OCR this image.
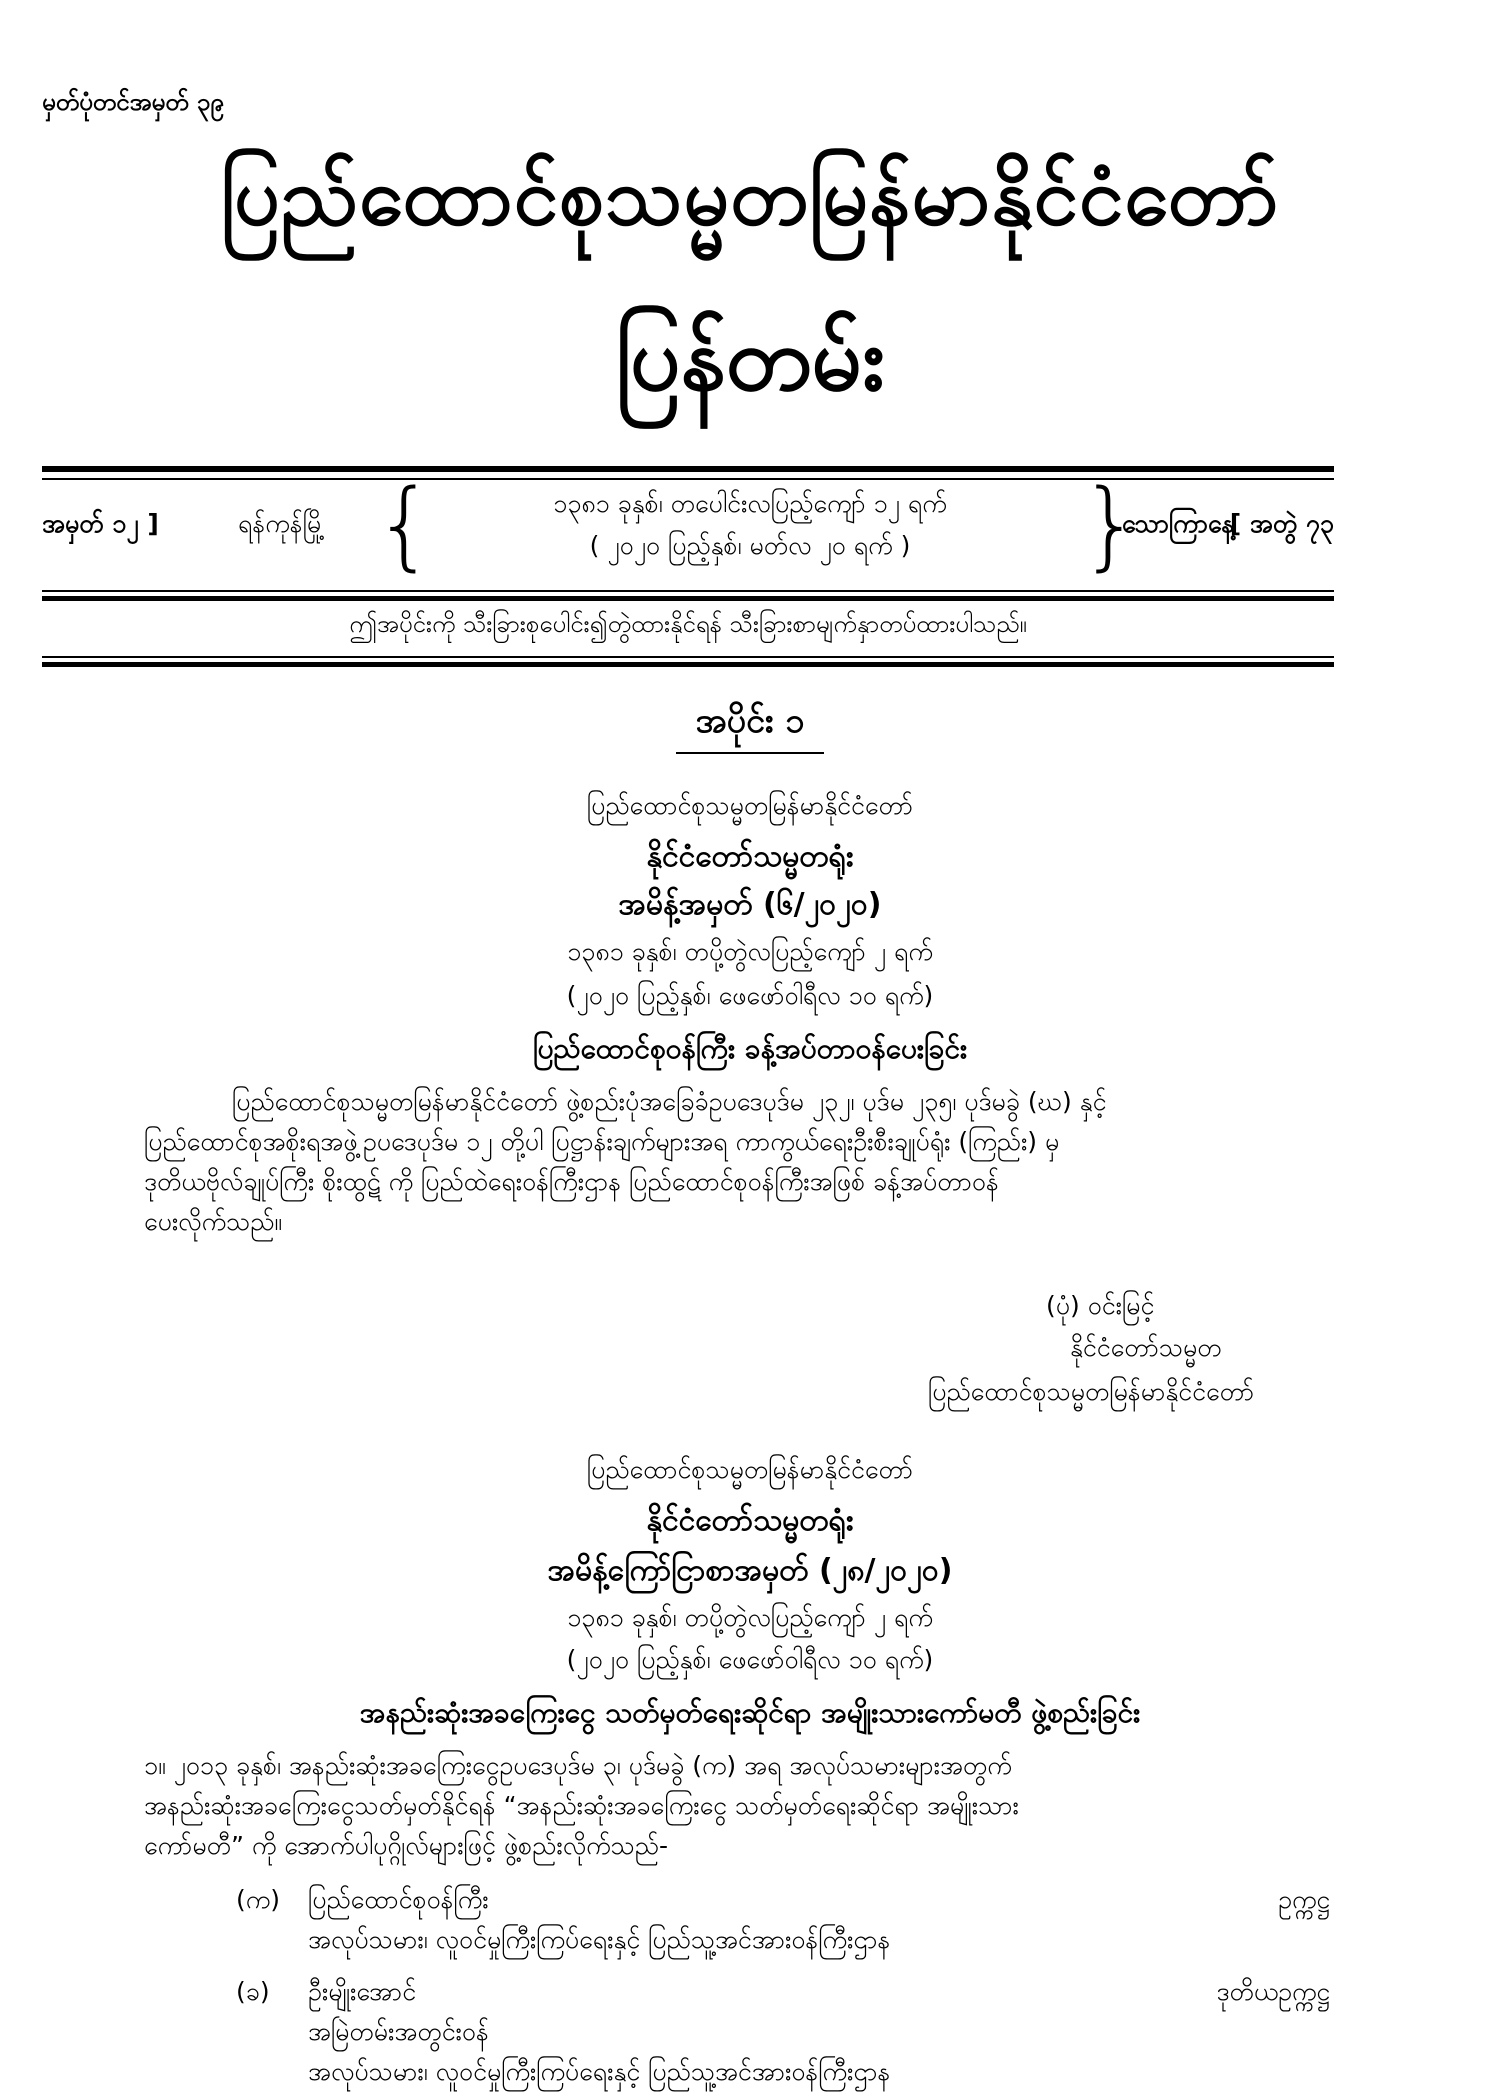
မှတ်ပုံတင်အမှတ် ၃၉
ပြည်ထောင်စုသမ္မတမြန်မာနိုင်ငံတော်
ပြန်တမ်း
အမှတ် ၁၂ ]	ရန်ကုန်မြို့ {	၁၃၈၁ ခုနှစ်၊ တပေါင်းလပြည့်ကျော် ၁၂ ရက်
( ၂၀၂၀ ပြည့်နှစ်၊ မတ်လ ၂၀ ရက် )	}
သောကြာနေ့
[ အတွဲ ၇၃
ဤအပိုင်းကို သီးခြားစုပေါင်း၍တွဲထားနိုင်ရန် သီးခြားစာမျက်နှာတပ်ထားပါသည်။
အပိုင်း ၁
ပြည်ထောင်စုသမ္မတမြန်မာနိုင်ငံတော်
နိုင်ငံတော်သမ္မတရုံး
အမိန့်အမှတ် (၆/၂၀၂၀)
၁၃၈၁ ခုနှစ်၊ တပို့တွဲလပြည့်ကျော် ၂ ရက်
(၂၀၂၀ ပြည့်နှစ်၊ ဖေဖော်ဝါရီလ ၁၀ ရက်)
ပြည်ထောင်စုဝန်ကြီး ခန့်အပ်တာဝန်ပေးခြင်း
ပြည်ထောင်စုသမ္မတမြန်မာနိုင်ငံတော် ဖွဲ့စည်းပုံအခြေခံဥပဒေပုဒ်မ ၂၃၂၊ ပုဒ်မ ၂၃၅၊ ပုဒ်မခွဲ (ဃ) နှင့်
ပြည်ထောင်စုအစိုးရအဖွဲ့ဥပဒေပုဒ်မ ၁၂ တို့ပါ ပြဋ္ဌာန်းချက်များအရ ကာကွယ်ရေးဦးစီးချုပ်ရုံး (ကြည်း) မှ
ဒုတိယဗိုလ်ချုပ်ကြီး စိုးထွဋ် ကို ပြည်ထဲရေးဝန်ကြီးဌာန ပြည်ထောင်စုဝန်ကြီးအဖြစ် ခန့်အပ်တာဝန်
ပေးလိုက်သည်။
(ပုံ) ဝင်းမြင့်
နိုင်ငံတော်သမ္မတ
ပြည်ထောင်စုသမ္မတမြန်မာနိုင်ငံတော်
ပြည်ထောင်စုသမ္မတမြန်မာနိုင်ငံတော်
နိုင်ငံတော်သမ္မတရုံး
အမိန့်ကြော်ငြာစာအမှတ် (၂၈/၂၀၂၀)
၁၃၈၁ ခုနှစ်၊ တပို့တွဲလပြည့်ကျော် ၂ ရက်
(၂၀၂၀ ပြည့်နှစ်၊ ဖေဖော်ဝါရီလ ၁၀ ရက်)
အနည်းဆုံးအခကြေးငွေ သတ်မှတ်ရေးဆိုင်ရာ အမျိုးသားကော်မတီ ဖွဲ့စည်းခြင်း
၁။ ၂၀၁၃ ခုနှစ်၊ အနည်းဆုံးအခကြေးငွေဥပဒေပုဒ်မ ၃၊ ပုဒ်မခွဲ (က) အရ အလုပ်သမားများအတွက်
အနည်းဆုံးအခကြေးငွေသတ်မှတ်နိုင်ရန် “အနည်းဆုံးအခကြေးငွေ သတ်မှတ်ရေးဆိုင်ရာ အမျိုးသား
ကော်မတီ” ကို အောက်ပါပုဂ္ဂိုလ်များဖြင့် ဖွဲ့စည်းလိုက်သည်-
(က) ပြည်ထောင်စုဝန်ကြီး	ဥက္ကဋ္ဌ
အလုပ်သမား၊ လူဝင်မှုကြီးကြပ်ရေးနှင့် ပြည်သူ့အင်အားဝန်ကြီးဌာန
(ခ) ဦးမျိုးအောင်	ဒုတိယဥက္ကဋ္ဌ
အမြဲတမ်းအတွင်းဝန်
အလုပ်သမား၊ လူဝင်မှုကြီးကြပ်ရေးနှင့် ပြည်သူ့အင်အားဝန်ကြီးဌာန
